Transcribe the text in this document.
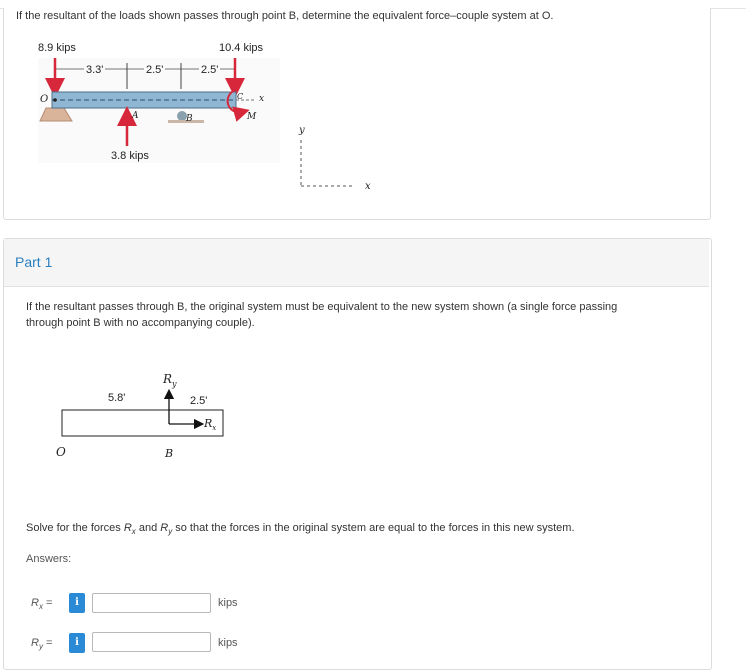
If the resultant of the loads shown passes through point B, determine the equivalent force–couple system at O.
8.9 kips	10.4 kips
3.3'	2.5'	2.5'
O
A	B
C
M
x
3.8 kips
y
x
Part 1
If the resultant passes through B, the original system must be equivalent to the new system shown (a single force passing
through point B with no accompanying couple).
5.8'	2.5'
$R_y$
$R_x$
O	B
Solve for the forces $R_x$ and $R_y$ so that the forces in the original system are equal to the forces in this new system.
Answers:
$R_x$ =	i	kips
$R_y$ =	i	kips
